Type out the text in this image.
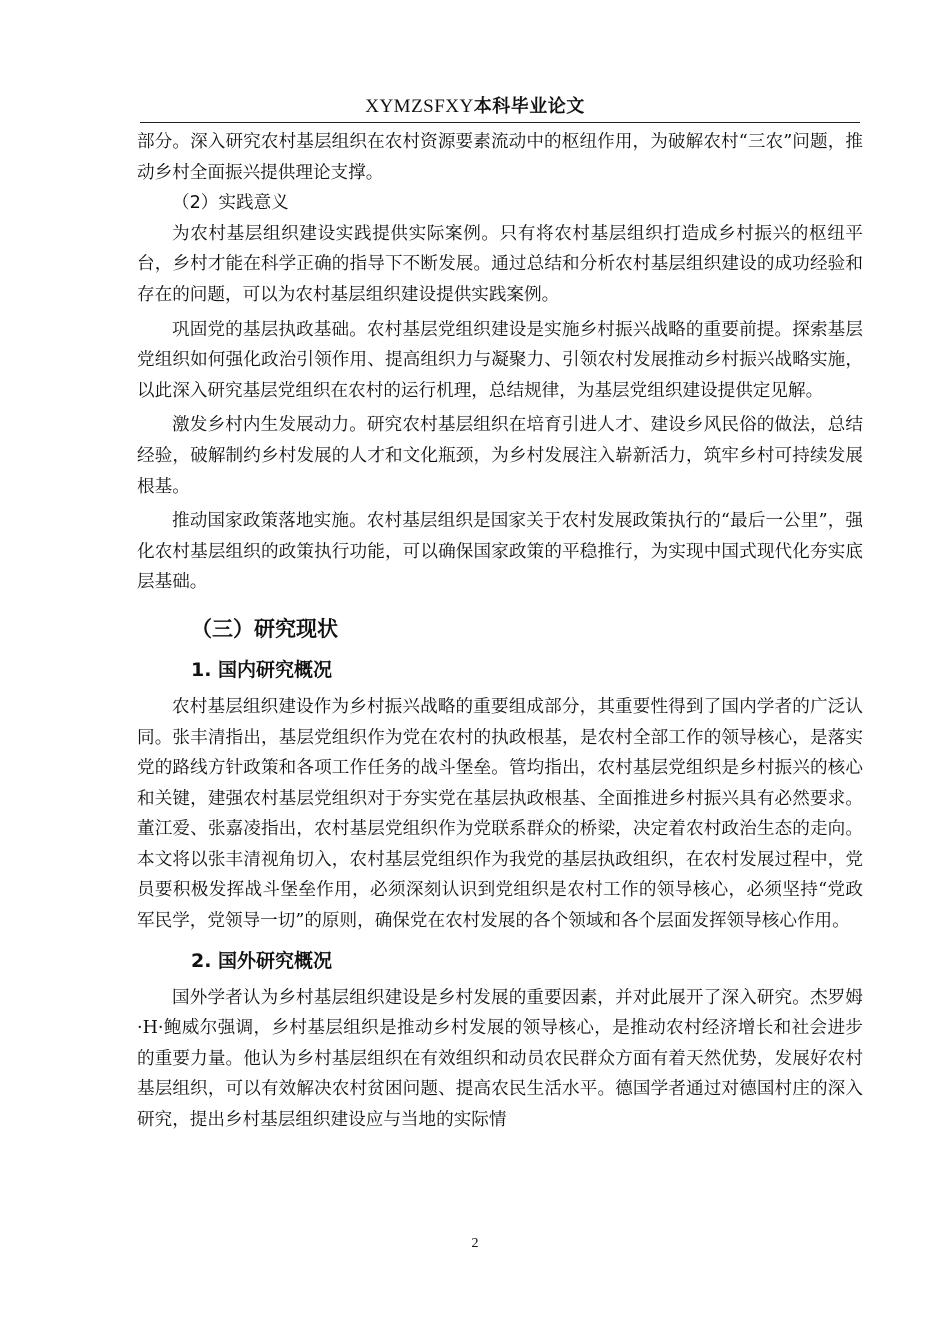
XYMZSFXY本科毕业论文

部分。深入研究农村基层组织在农村资源要素流动中的枢纽作用，为破解农村“三农”问题，推动乡村全面振兴提供理论支撑。

（2）实践意义

为农村基层组织建设实践提供实际案例。只有将农村基层组织打造成乡村振兴的枢纽平台，乡村才能在科学正确的指导下不断发展。通过总结和分析农村基层组织建设的成功经验和存在的问题，可以为农村基层组织建设提供实践案例。

巩固党的基层执政基础。农村基层党组织建设是实施乡村振兴战略的重要前提。探索基层党组织如何强化政治引领作用、提高组织力与凝聚力、引领农村发展推动乡村振兴战略实施，以此深入研究基层党组织在农村的运行机理，总结规律，为基层党组织建设提供定见解。

激发乡村内生发展动力。研究农村基层组织在培育引进人才、建设乡风民俗的做法，总结经验，破解制约乡村发展的人才和文化瓶颈，为乡村发展注入崭新活力，筑牢乡村可持续发展根基。

推动国家政策落地实施。农村基层组织是国家关于农村发展政策执行的“最后一公里”，强化农村基层组织的政策执行功能，可以确保国家政策的平稳推行，为实现中国式现代化夯实底层基础。

（三）研究现状
1. 国内研究概况

农村基层组织建设作为乡村振兴战略的重要组成部分，其重要性得到了国内学者的广泛认同。张丰清指出，基层党组织作为党在农村的执政根基，是农村全部工作的领导核心，是落实党的路线方针政策和各项工作任务的战斗堡垒。管均指出，农村基层党组织是乡村振兴的核心和关键，建强农村基层党组织对于夯实党在基层执政根基、全面推进乡村振兴具有必然要求。董江爱、张嘉凌指出，农村基层党组织作为党联系群众的桥梁，决定着农村政治生态的走向。本文将以张丰清视角切入，农村基层党组织作为我党的基层执政组织，在农村发展过程中，党员要积极发挥战斗堡垒作用，必须深刻认识到党组织是农村工作的领导核心，必须坚持“党政军民学，党领导一切”的原则，确保党在农村发展的各个领域和各个层面发挥领导核心作用。

2. 国外研究概况

国外学者认为乡村基层组织建设是乡村发展的重要因素，并对此展开了深入研究。杰罗姆·H·鲍威尔强调，乡村基层组织是推动乡村发展的领导核心，是推动农村经济增长和社会进步的重要力量。他认为乡村基层组织在有效组织和动员农民群众方面有着天然优势，发展好农村基层组织，可以有效解决农村贫困问题、提高农民生活水平。德国学者通过对德国村庄的深入研究，提出乡村基层组织建设应与当地的实际情

2
